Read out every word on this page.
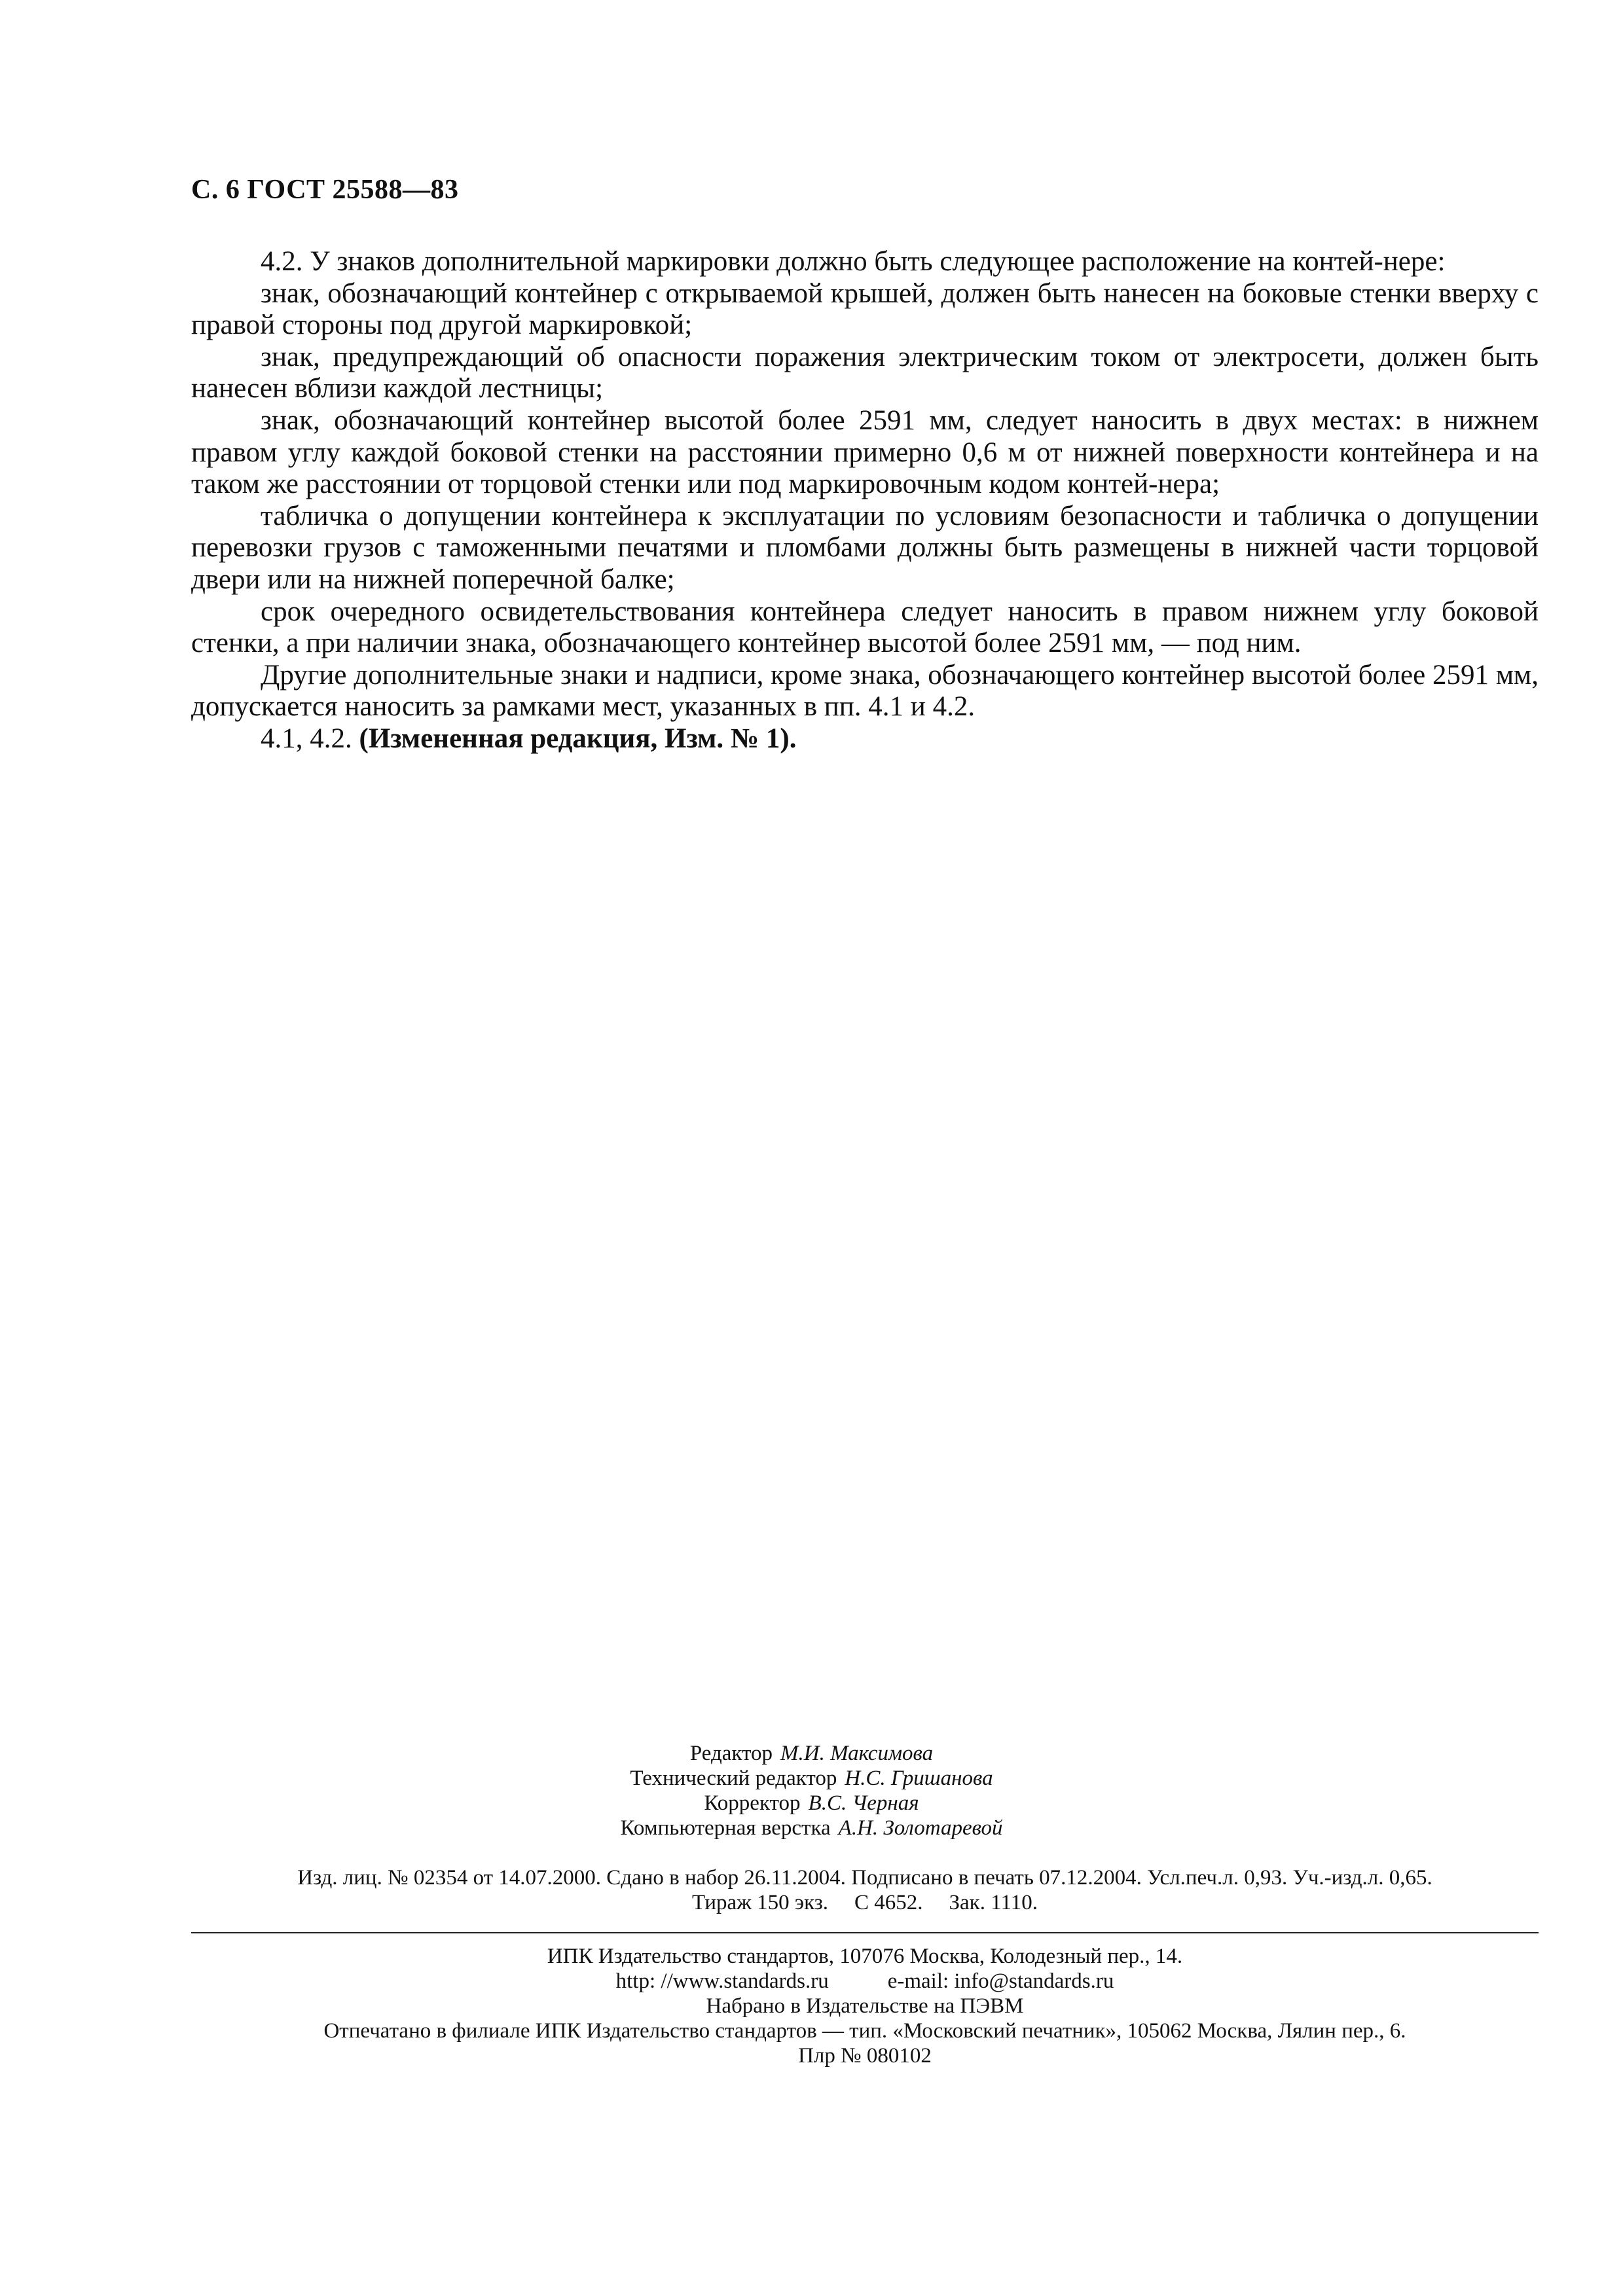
С. 6 ГОСТ 25588—83

4.2. У знаков дополнительной маркировки должно быть следующее расположение на контей-нере:

знак, обозначающий контейнер с открываемой крышей, должен быть нанесен на боковые стенки вверху с правой стороны под другой маркировкой;

знак, предупреждающий об опасности поражения электрическим током от электросети, должен быть нанесен вблизи каждой лестницы;

знак, обозначающий контейнер высотой более 2591 мм, следует наносить в двух местах: в нижнем правом углу каждой боковой стенки на расстоянии примерно 0,6 м от нижней поверхности контейнера и на таком же расстоянии от торцовой стенки или под маркировочным кодом контей-нера;

табличка о допущении контейнера к эксплуатации по условиям безопасности и табличка о допущении перевозки грузов с таможенными печатями и пломбами должны быть размещены в нижней части торцовой двери или на нижней поперечной балке;

срок очередного освидетельствования контейнера следует наносить в правом нижнем углу боковой стенки, а при наличии знака, обозначающего контейнер высотой более 2591 мм, — под ним.

Другие дополнительные знаки и надписи, кроме знака, обозначающего контейнер высотой более 2591 мм, допускается наносить за рамками мест, указанных в пп. 4.1 и 4.2.

4.1, 4.2. (Измененная редакция, Изм. № 1).

Редактор М.И. Максимова
Технический редактор Н.С. Гришанова
Корректор В.С. Черная
Компьютерная верстка А.Н. Золотаревой
Изд. лиц. № 02354 от 14.07.2000. Сдано в набор 26.11.2004. Подписано в печать 07.12.2004. Усл.печ.л. 0,93. Уч.-изд.л. 0,65.
Тираж 150 экз. С 4652. Зак. 1110.
ИПК Издательство стандартов, 107076 Москва, Колодезный пер., 14.
http: //www.standards.ru	e-mail: info@standards.ru
Набрано в Издательстве на ПЭВМ
Отпечатано в филиале ИПК Издательство стандартов — тип. «Московский печатник», 105062 Москва, Лялин пер., 6.
Плр № 080102
